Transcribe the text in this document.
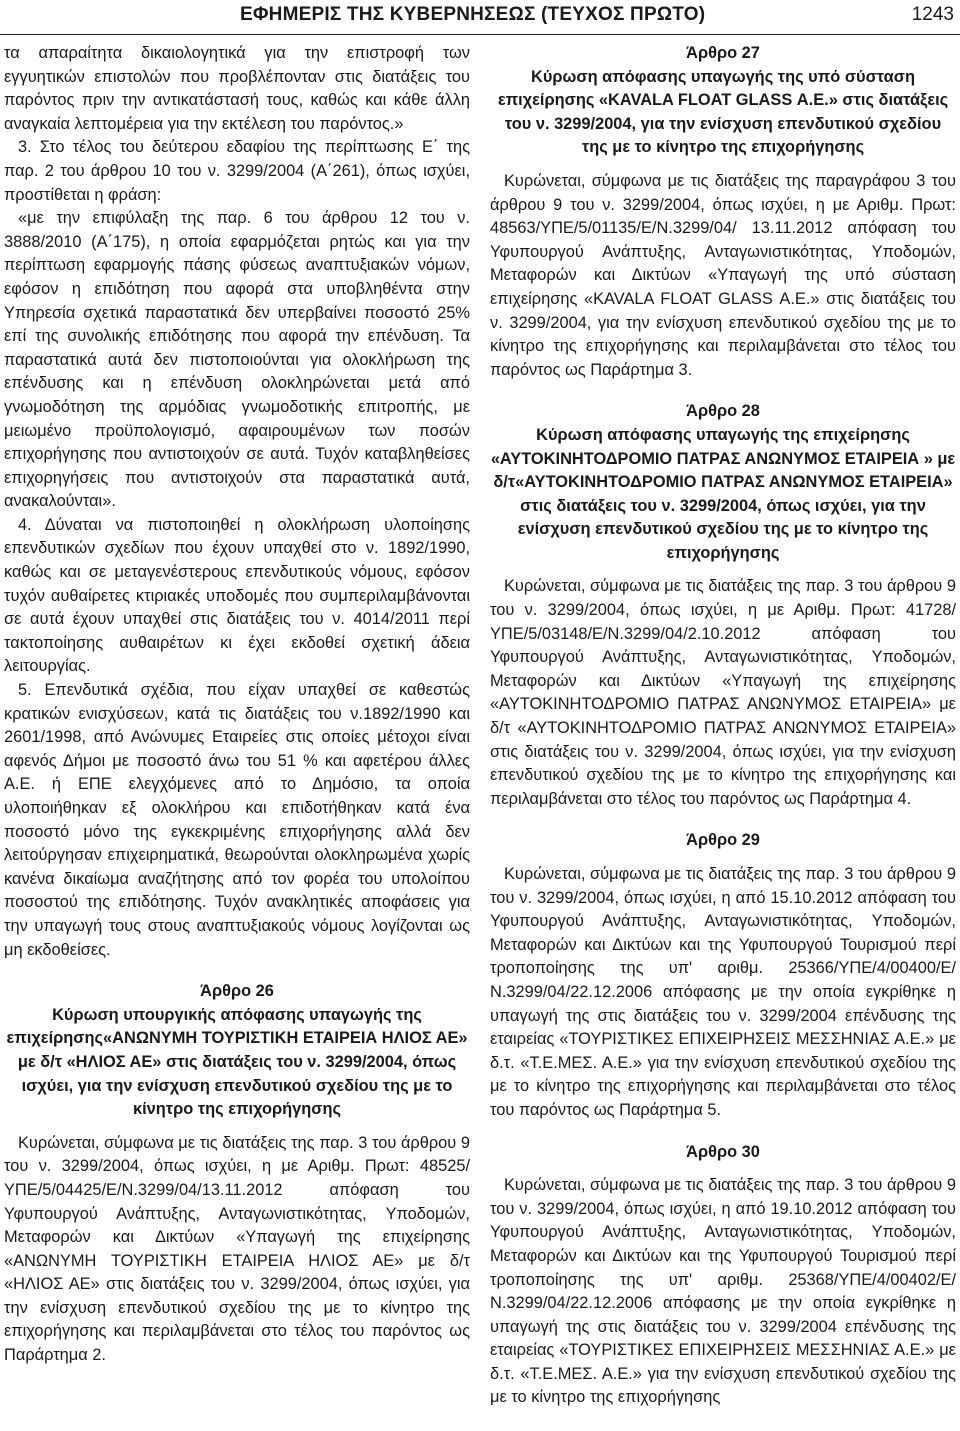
ΕΦΗΜΕΡΙΣ ΤΗΣ ΚΥΒΕΡΝΗΣΕΩΣ (ΤΕΥΧΟΣ ΠΡΩΤΟ)	1243

τα απαραίτητα δικαιολογητικά για την επιστροφή των εγγυητικών επιστολών που προβλέπονταν στις διατάξεις του παρόντος πριν την αντικατάστασή τους, καθώς και κάθε άλλη αναγκαία λεπτομέρεια για την εκτέλεση του παρόντος.»

3. Στο τέλος του δεύτερου εδαφίου της περίπτωσης Ε΄ της παρ. 2 του άρθρου 10 του ν. 3299/2004 (Α΄261), όπως ισχύει, προστίθεται η φράση:

«με την επιφύλαξη της παρ. 6 του άρθρου 12 του ν. 3888/2010 (Α΄175), η οποία εφαρμόζεται ρητώς και για την περίπτωση εφαρμογής πάσης φύσεως αναπτυξιακών νόμων, εφόσον η επιδότηση που αφορά στα υποβληθέντα στην Υπηρεσία σχετικά παραστατικά δεν υπερβαίνει ποσοστό 25% επί της συνολικής επιδότησης που αφορά την επένδυση. Τα παραστατικά αυτά δεν πιστοποιούνται για ολοκλήρωση της επένδυσης και η επένδυση ολοκληρώνεται μετά από γνωμοδότηση της αρμόδιας γνωμοδοτικής επιτροπής, με μειωμένο προϋπολογισμό, αφαιρουμένων των ποσών επιχορήγησης που αντιστοιχούν σε αυτά. Τυχόν καταβληθείσες επιχορηγήσεις που αντιστοιχούν στα παραστατικά αυτά, ανακαλούνται».

4. Δύναται να πιστοποιηθεί η ολοκλήρωση υλοποίησης επενδυτικών σχεδίων που έχουν υπαχθεί στο ν. 1892/1990, καθώς και σε μεταγενέστερους επενδυτικούς νόμους, εφόσον τυχόν αυθαίρετες κτιριακές υποδομές που συμπεριλαμβάνονται σε αυτά έχουν υπαχθεί στις διατάξεις του ν. 4014/2011 περί τακτοποίησης αυθαιρέτων κι έχει εκδοθεί σχετική άδεια λειτουργίας.

5. Επενδυτικά σχέδια, που είχαν υπαχθεί σε καθεστώς κρατικών ενισχύσεων, κατά τις διατάξεις του ν.1892/1990 και 2601/1998, από Ανώνυμες Εταιρείες στις οποίες μέτοχοι είναι αφενός Δήμοι με ποσοστό άνω του 51 % και αφετέρου άλλες Α.Ε. ή ΕΠΕ ελεγχόμενες από το Δημόσιο, τα οποία υλοποιήθηκαν εξ ολοκλήρου και επιδοτήθηκαν κατά ένα ποσοστό μόνο της εγκεκριμένης επιχορήγησης αλλά δεν λειτούργησαν επιχειρηματικά, θεωρούνται ολοκληρωμένα χωρίς κανένα δικαίωμα αναζήτησης από τον φορέα του υπολοίπου ποσοστού της επιδότησης. Τυχόν ανακλητικές αποφάσεις για την υπαγωγή τους στους αναπτυξιακούς νόμους λογίζονται ως μη εκδοθείσες.

Άρθρο 26

Κύρωση υπουργικής απόφασης υπαγωγής της επιχείρησης«ΑΝΩΝΥΜΗ ΤΟΥΡΙΣΤΙΚΗ ΕΤΑΙΡΕΙΑ ΗΛΙΟΣ ΑΕ» με δ/τ «ΗΛΙΟΣ ΑΕ» στις διατάξεις του ν. 3299/2004, όπως ισχύει, για την ενίσχυση επενδυτικού σχεδίου της με το κίνητρο της επιχορήγησης

Κυρώνεται, σύμφωνα με τις διατάξεις της παρ. 3 του άρθρου 9 του ν. 3299/2004, όπως ισχύει, η με Αριθμ. Πρωτ: 48525/ΥΠΕ/5/04425/Ε/Ν.3299/04/13.11.2012 απόφαση του Υφυπουργού Ανάπτυξης, Ανταγωνιστικότητας, Υποδομών, Μεταφορών και Δικτύων «Υπαγωγή της επιχείρησης «ΑΝΩΝΥΜΗ ΤΟΥΡΙΣΤΙΚΗ ΕΤΑΙΡΕΙΑ ΗΛΙΟΣ ΑΕ» με δ/τ «ΗΛΙΟΣ ΑΕ» στις διατάξεις του ν. 3299/2004, όπως ισχύει, για την ενίσχυση επενδυτικού σχεδίου της με το κίνητρο της επιχορήγησης και περιλαμβάνεται στο τέλος του παρόντος ως Παράρτημα 2.

Άρθρο 27

Κύρωση απόφασης υπαγωγής της υπό σύσταση επιχείρησης «KAVALA FLOAT GLASS Α.Ε.» στις διατάξεις του ν. 3299/2004, για την ενίσχυση επενδυτικού σχεδίου της με το κίνητρο της επιχορήγησης

Κυρώνεται, σύμφωνα με τις διατάξεις της παραγράφου 3 του άρθρου 9 του ν. 3299/2004, όπως ισχύει, η με Αριθμ. Πρωτ: 48563/ΥΠΕ/5/01135/Ε/Ν.3299/04/ 13.11.2012 απόφαση του Υφυπουργού Ανάπτυξης, Ανταγωνιστικότητας, Υποδομών, Μεταφορών και Δικτύων «Υπαγωγή της υπό σύσταση επιχείρησης «KAVALA FLOAT GLASS Α.Ε.» στις διατάξεις του ν. 3299/2004, για την ενίσχυση επενδυτικού σχεδίου της με το κίνητρο της επιχορήγησης και περιλαμβάνεται στο τέλος του παρόντος ως Παράρτημα 3.

Άρθρο 28

Κύρωση απόφασης υπαγωγής της επιχείρησης «ΑΥΤΟΚΙΝΗΤΟΔΡΟΜΙΟ ΠΑΤΡΑΣ ΑΝΩΝΥΜΟΣ ΕΤΑΙΡΕΙΑ » με δ/τ«ΑΥΤΟΚΙΝΗΤΟΔΡΟΜΙΟ ΠΑΤΡΑΣ ΑΝΩΝΥΜΟΣ ΕΤΑΙΡΕΙΑ» στις διατάξεις του ν. 3299/2004, όπως ισχύει, για την ενίσχυση επενδυτικού σχεδίου της με το κίνητρο της επιχορήγησης

Κυρώνεται, σύμφωνα με τις διατάξεις της παρ. 3 του άρθρου 9 του ν. 3299/2004, όπως ισχύει, η με Αριθμ. Πρωτ: 41728/ΥΠΕ/5/03148/Ε/Ν.3299/04/2.10.2012 απόφαση του Υφυπουργού Ανάπτυξης, Ανταγωνιστικότητας, Υποδομών, Μεταφορών και Δικτύων «Υπαγωγή της επιχείρησης «ΑΥΤΟΚΙΝΗΤΟΔΡΟΜΙΟ ΠΑΤΡΑΣ ΑΝΩΝΥΜΟΣ ΕΤΑΙΡΕΙΑ» με δ/τ «ΑΥΤΟΚΙΝΗΤΟΔΡΟΜΙΟ ΠΑΤΡΑΣ ΑΝΩΝΥΜΟΣ ΕΤΑΙΡΕΙΑ» στις διατάξεις του ν. 3299/2004, όπως ισχύει, για την ενίσχυση επενδυτικού σχεδίου της με το κίνητρο της επιχορήγησης και περιλαμβάνεται στο τέλος του παρόντος ως Παράρτημα 4.

Άρθρο 29

Κυρώνεται, σύμφωνα με τις διατάξεις της παρ. 3 του άρθρου 9 του ν. 3299/2004, όπως ισχύει, η από 15.10.2012 απόφαση του Υφυπουργού Ανάπτυξης, Ανταγωνιστικότητας, Υποδομών, Μεταφορών και Δικτύων και της Υφυπουργού Τουρισμού περί τροποποίησης της υπ' αριθμ. 25366/ΥΠΕ/4/00400/Ε/Ν.3299/04/22.12.2006 απόφασης με την οποία εγκρίθηκε η υπαγωγή της στις διατάξεις του ν. 3299/2004 επένδυσης της εταιρείας «ΤΟΥΡΙΣΤΙΚΕΣ ΕΠΙΧΕΙΡΗΣΕΙΣ ΜΕΣΣΗΝΙΑΣ Α.Ε.» με δ.τ. «Τ.Ε.ΜΕΣ. Α.Ε.» για την ενίσχυση επενδυτικού σχεδίου της με το κίνητρο της επιχορήγησης και περιλαμβάνεται στο τέλος του παρόντος ως Παράρτημα 5.

Άρθρο 30

Κυρώνεται, σύμφωνα με τις διατάξεις της παρ. 3 του άρθρου 9 του ν. 3299/2004, όπως ισχύει, η από 19.10.2012 απόφαση του Υφυπουργού Ανάπτυξης, Ανταγωνιστικότητας, Υποδομών, Μεταφορών και Δικτύων και της Υφυπουργού Τουρισμού περί τροποποίησης της υπ' αριθμ. 25368/ΥΠΕ/4/00402/Ε/Ν.3299/04/22.12.2006 απόφασης με την οποία εγκρίθηκε η υπαγωγή της στις διατάξεις του ν. 3299/2004 επένδυσης της εταιρείας «ΤΟΥΡΙΣΤΙΚΕΣ ΕΠΙΧΕΙΡΗΣΕΙΣ ΜΕΣΣΗΝΙΑΣ Α.Ε.» με δ.τ. «Τ.Ε.ΜΕΣ. Α.Ε.» για την ενίσχυση επενδυτικού σχεδίου της με το κίνητρο της επιχορήγησης
